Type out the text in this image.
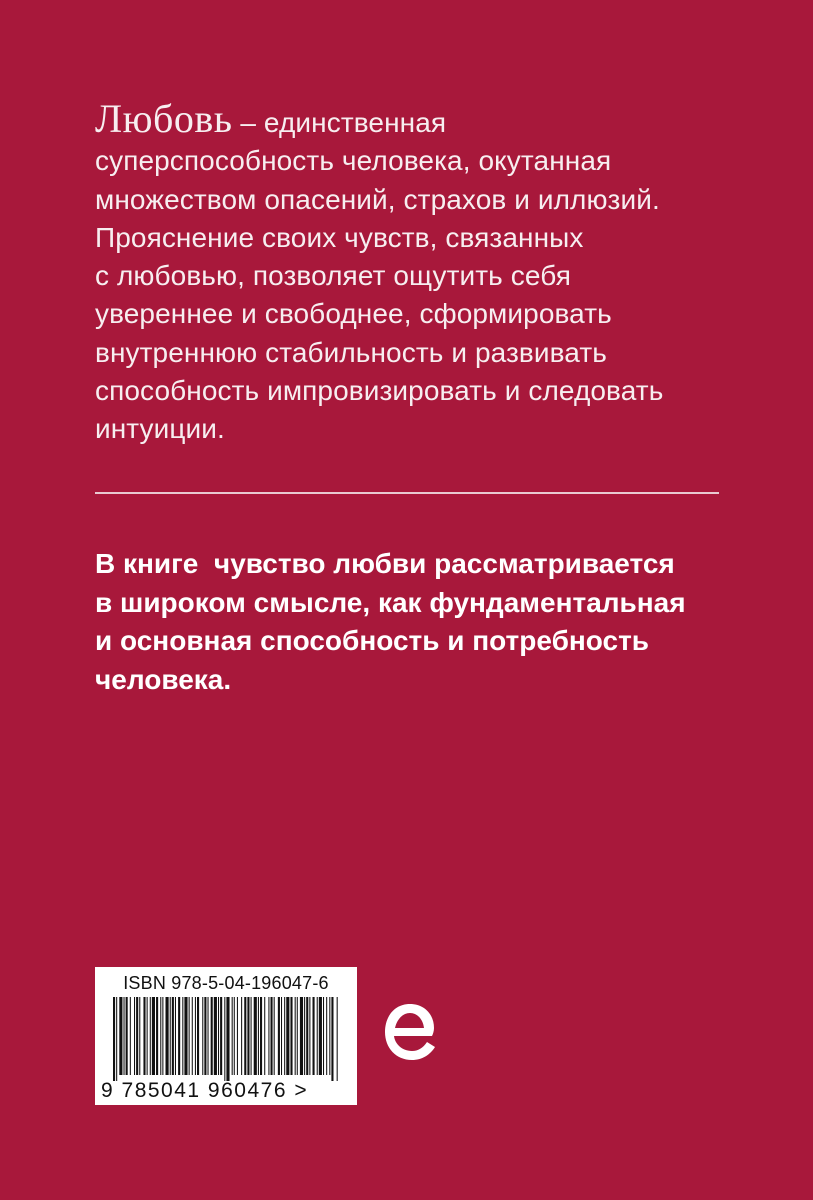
Любовь – единственная
суперспособность человека, окутанная
множеством опасений, страхов и иллюзий.
Прояснение своих чувств, связанных
с любовью, позволяет ощутить себя
увереннее и свободнее, сформировать
внутреннюю стабильность и развивать
способность импровизировать и следовать
интуиции.
В книге  чувство любви рассматривается
в широком смысле, как фундаментальная
и основная способность и потребность
человека.
ISBN 978-5-04-196047-6
9 785041 960476 >
